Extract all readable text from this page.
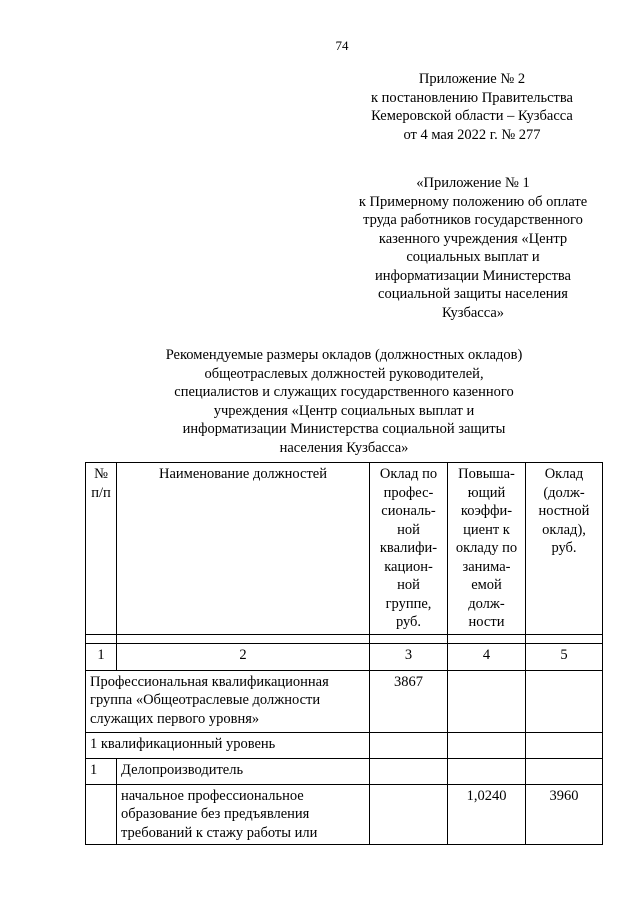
74
Приложение № 2
к постановлению Правительства
Кемеровской области – Кузбасса
от 4 мая 2022 г. № 277
«Приложение № 1
к Примерному положению об оплате
труда работников государственного
казенного учреждения «Центр
социальных выплат и
информатизации Министерства
социальной защиты населения
Кузбасса»
Рекомендуемые размеры окладов (должностных окладов)
общеотраслевых должностей руководителей,
специалистов и служащих государственного казенного
учреждения «Центр социальных выплат и
информатизации Министерства социальной защиты
населения Кузбасса»
№ п/п	Наименование должностей	Оклад по профес-сиональ-ной квалифи-кацион-ной группе, руб.	Повыша-ющий коэффи-циент к окладу по занима-емой долж-ности	Оклад (долж-ностной оклад), руб.

1	2	3	4	5
Профессиональная квалификационная группа «Общеотраслевые должности служащих первого уровня»		3867		
1 квалификационный уровень				
1	Делопроизводитель			
	начальное профессиональное образование без предъявления требований к стажу работы или		1,0240	3960
